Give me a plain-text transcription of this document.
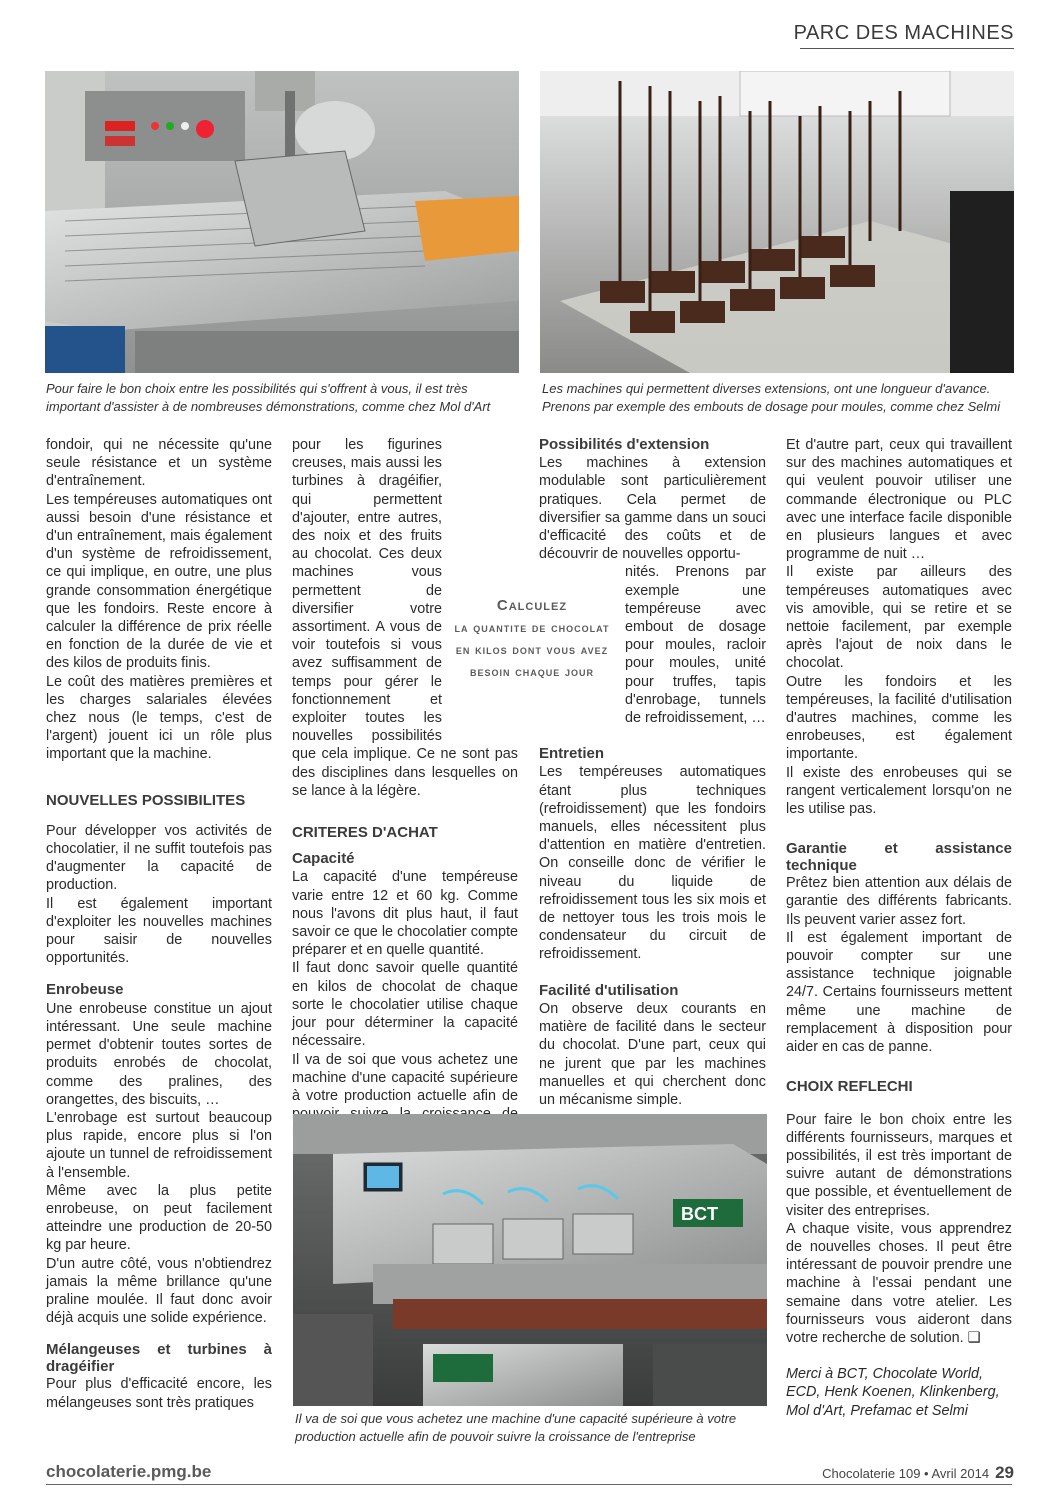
PARC DES MACHINES
Pour faire le bon choix entre les possibilités qui s'offrent à vous, il est très important d'assister à de nombreuses démonstrations, comme chez Mol d'Art
Les machines qui permettent diverses extensions, ont une longueur d'avance. Prenons par exemple des embouts de dosage pour moules, comme chez Selmi

fondoir, qui ne nécessite qu'une seule résistance et un système d'entraînement.

Les tempéreuses automatiques ont aussi besoin d'une résistance et d'un entraînement, mais également d'un système de refroidissement, ce qui implique, en outre, une plus grande consommation énergétique que les fondoirs. Reste encore à calculer la différence de prix réelle en fonction de la durée de vie et des kilos de produits finis.

Le coût des matières premières et les charges salariales élevées chez nous (le temps, c'est de l'argent) jouent ici un rôle plus important que la machine.

NOUVELLES POSSIBILITES

Pour développer vos activités de chocolatier, il ne suffit toutefois pas d'augmenter la capacité de production.

Il est également important d'exploiter les nouvelles machines pour saisir de nouvelles opportunités.

Enrobeuse

Une enrobeuse constitue un ajout intéressant. Une seule machine permet d'obtenir toutes sortes de produits enrobés de chocolat, comme des pralines, des orangettes, des biscuits, …

L'enrobage est surtout beaucoup plus rapide, encore plus si l'on ajoute un tunnel de refroidissement à l'ensemble.

Même avec la plus petite enrobeuse, on peut facilement atteindre une production de 20-50 kg par heure.

D'un autre côté, vous n'obtiendrez jamais la même brillance qu'une praline moulée. Il faut donc avoir déjà acquis une solide expérience.

Mélangeuses et turbines à dragéifier

Pour plus d'efficacité encore, les mélangeuses sont très pratiques

pour les figurines creuses, mais aussi les turbines à dragéifier, qui permettent d'ajouter, entre autres, des noix et des fruits au chocolat. Ces deux machines vous permettent de diversifier votre assortiment. A vous de voir toutefois si vous avez suffisamment de temps pour gérer le fonctionnement et exploiter toutes les nouvelles possibilités que cela implique. Ce ne sont pas des disciplines dans lesquelles on se lance à la légère.

CRITERES D'ACHAT
Capacité

La capacité d'une tempéreuse varie entre 12 et 60 kg. Comme nous l'avons dit plus haut, il faut savoir ce que le chocolatier compte préparer et en quelle quantité.

Il faut donc savoir quelle quantité en kilos de chocolat de chaque sorte le chocolatier utilise chaque jour pour déterminer la capacité nécessaire.

Il va de soi que vous achetez une machine d'une capacité supérieure à votre production actuelle afin de

Calculez
la quantite de chocolat en kilos dont vous avez besoin chaque jour
Possibilités d'extension

Les machines à extension modulable sont particulièrement pratiques. Cela permet de diversifier sa gamme dans un souci d'efficacité des coûts et de découvrir de nouvelles opportu-

nités. Prenons par exemple une tempéreuse avec embout de dosage pour moules, racloir pour moules, unité pour truffes, tapis d'enrobage, tunnels de refroidissement, …

Entretien

Les tempéreuses automatiques étant plus techniques (refroidissement) que les fondoirs manuels, elles nécessitent plus d'attention en matière d'entretien. On conseille donc de vérifier le niveau du liquide de refroidissement tous les six mois et de nettoyer tous les trois mois le condensateur du circuit de refroidissement.

Facilité d'utilisation

On observe deux courants en matière de facilité dans le secteur du chocolat. D'une part, ceux qui ne jurent que par les machines manuelles et qui cherchent donc un mécanisme simple.

Et d'autre part, ceux qui travaillent sur des machines automatiques et qui veulent pouvoir utiliser une commande électronique ou PLC avec une interface facile disponible en plusieurs langues et avec programme de nuit …

Il existe par ailleurs des tempéreuses automatiques avec vis amovible, qui se retire et se nettoie facilement, par exemple après l'ajout de noix dans le chocolat.

Outre les fondoirs et les tempéreuses, la facilité d'utilisation d'autres machines, comme les enrobeuses, est également importante.

Il existe des enrobeuses qui se rangent verticalement lorsqu'on ne les utilise pas.

Garantie et assistance technique

Prêtez bien attention aux délais de garantie des différents fabricants. Ils peuvent varier assez fort.

Il est également important de pouvoir compter sur une assistance technique joignable 24/7. Certains fournisseurs mettent même une machine de remplacement à disposition pour aider en cas de panne.

CHOIX REFLECHI

Pour faire le bon choix entre les différents fournisseurs, marques et possibilités, il est très important de suivre autant de démonstrations que possible, et éventuellement de visiter des entreprises.

A chaque visite, vous apprendrez de nouvelles choses. Il peut être intéressant de pouvoir prendre une machine à l'essai pendant une semaine dans votre atelier. Les fournisseurs vous aideront dans votre recherche de solution. ❑

Merci à BCT, Chocolate World, ECD, Henk Koenen, Klinkenberg, Mol d'Art, Prefamac et Selmi

BCT
Il va de soi que vous achetez une machine d'une capacité supérieure à votre production actuelle afin de pouvoir suivre la croissance de l'entreprise
chocolaterie.pmg.be	Chocolaterie 109 • Avril 2014 29
